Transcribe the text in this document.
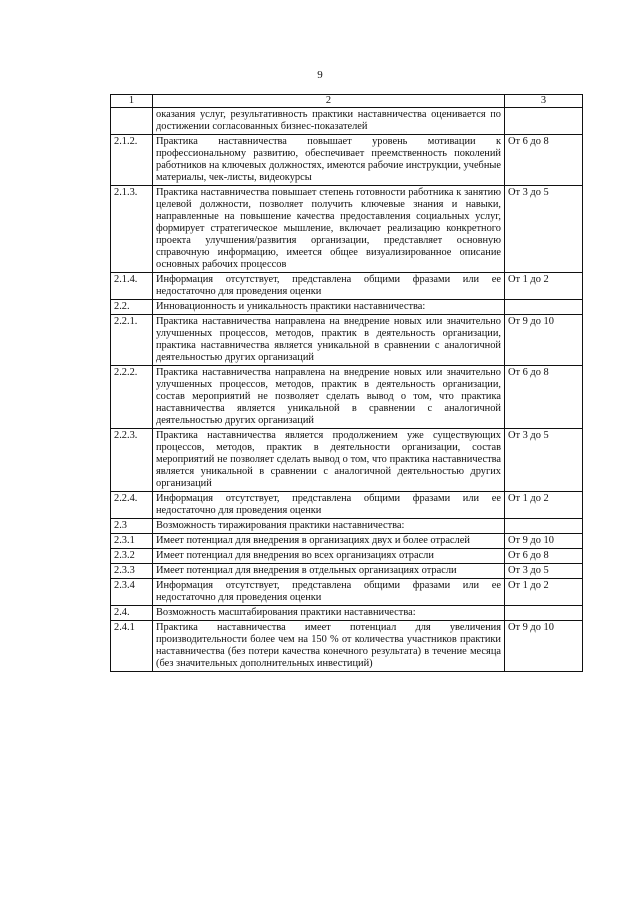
9
1	2	3
	оказания услуг, результативность практики наставничества оценивается по достижении согласованных бизнес-показателей	
2.1.2.	Практика наставничества повышает уровень мотивации к профессиональному развитию, обеспечивает преемственность поколений работников на ключевых должностях, имеются рабочие инструкции, учебные материалы, чек-листы, видеокурсы	От 6 до 8
2.1.3.	Практика наставничества повышает степень готовности работника к занятию целевой должности, позволяет получить ключевые знания и навыки, направленные на повышение качества предоставления социальных услуг, формирует стратегическое мышление, включает реализацию конкретного проекта улучшения/развития организации, представляет основную справочную информацию, имеется общее визуализированное описание основных рабочих процессов	От 3 до 5
2.1.4.	Информация отсутствует, представлена общими фразами или ее недостаточно для проведения оценки	От 1 до 2
2.2.	Инновационность и уникальность практики наставничества:	
2.2.1.	Практика наставничества направлена на внедрение новых или значительно улучшенных процессов, методов, практик в деятельность организации, практика наставничества является уникальной в сравнении с аналогичной деятельностью других организаций	От 9 до 10
2.2.2.	Практика наставничества направлена на внедрение новых или значительно улучшенных процессов, методов, практик в деятельность организации, состав мероприятий не позволяет сделать вывод о том, что практика наставничества является уникальной в сравнении с аналогичной деятельностью других организаций	От 6 до 8
2.2.3.	Практика наставничества является продолжением уже существующих процессов, методов, практик в деятельности организации, состав мероприятий не позволяет сделать вывод о том, что практика наставничества является уникальной в сравнении с аналогичной деятельностью других организаций	От 3 до 5
2.2.4.	Информация отсутствует, представлена общими фразами или ее недостаточно для проведения оценки	От 1 до 2
2.3	Возможность тиражирования практики наставничества:	
2.3.1	Имеет потенциал для внедрения в организациях двух и более отраслей	От 9 до 10
2.3.2	Имеет потенциал для внедрения во всех организациях отрасли	От 6 до 8
2.3.3	Имеет потенциал для внедрения в отдельных организациях отрасли	От 3 до 5
2.3.4	Информация отсутствует, представлена общими фразами или ее недостаточно для проведения оценки	От 1 до 2
2.4.	Возможность масштабирования практики наставничества:	
2.4.1	Практика наставничества имеет потенциал для увеличения производительности более чем на 150 % от количества участников практики наставничества (без потери качества конечного результата) в течение месяца (без значительных дополнительных инвестиций)	От 9 до 10
